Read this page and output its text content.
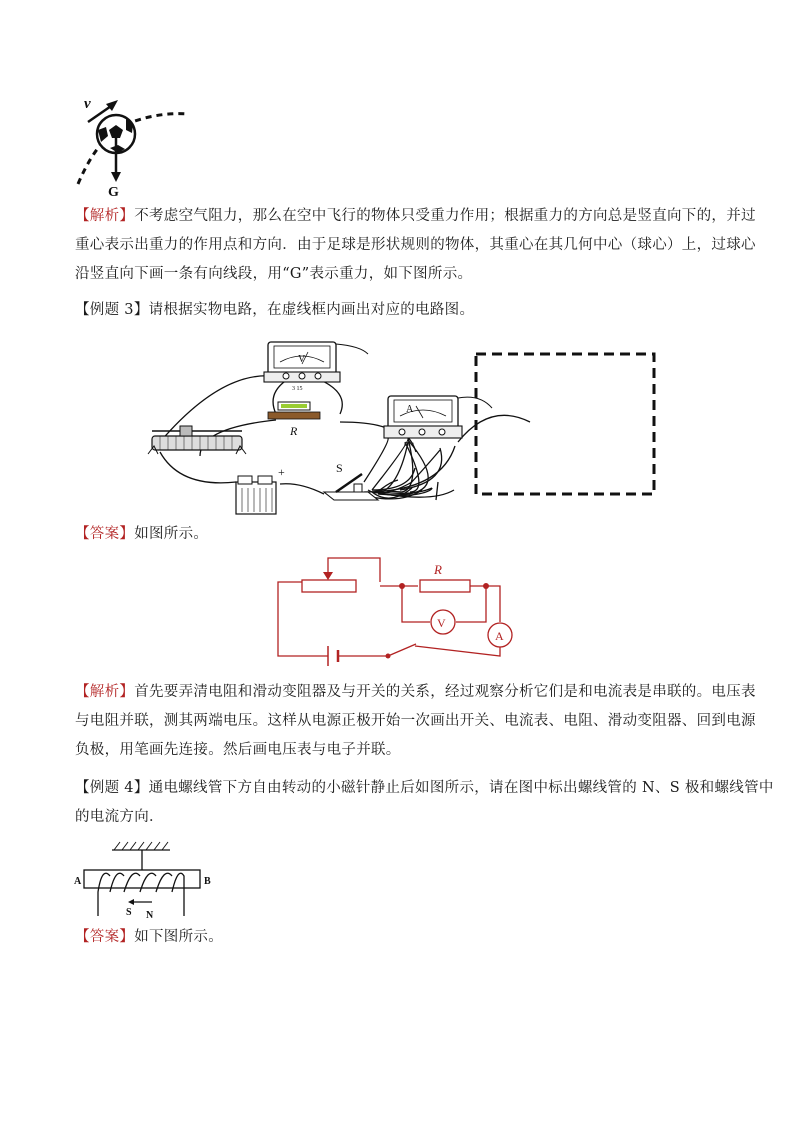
v
G
【解析】不考虑空气阻力，那么在空中飞行的物体只受重力作用；根据重力的方向总是竖直向下的，并过
重心表示出重力的作用点和方向．由于足球是形状规则的物体，其重心在其几何中心（球心）上，过球心
沿竖直向下画一条有向线段，用“G”表示重力，如下图所示。
【例题 3】请根据实物电路，在虚线框内画出对应的电路图。
V
3 15
R
A
0.6 3
+	S
【答案】如图所示。
R
V
A
【解析】首先要弄清电阻和滑动变阻器及与开关的关系，经过观察分析它们是和电流表是串联的。电压表
与电阻并联，测其两端电压。这样从电源正极开始一次画出开关、电流表、电阻、滑动变阻器、回到电源
负极，用笔画先连接。然后画电压表与电子并联。
【例题 4】通电螺线管下方自由转动的小磁针静止后如图所示，请在图中标出螺线管的 N、S 极和螺线管中
的电流方向．
A	B
S N
【答案】如下图所示。
